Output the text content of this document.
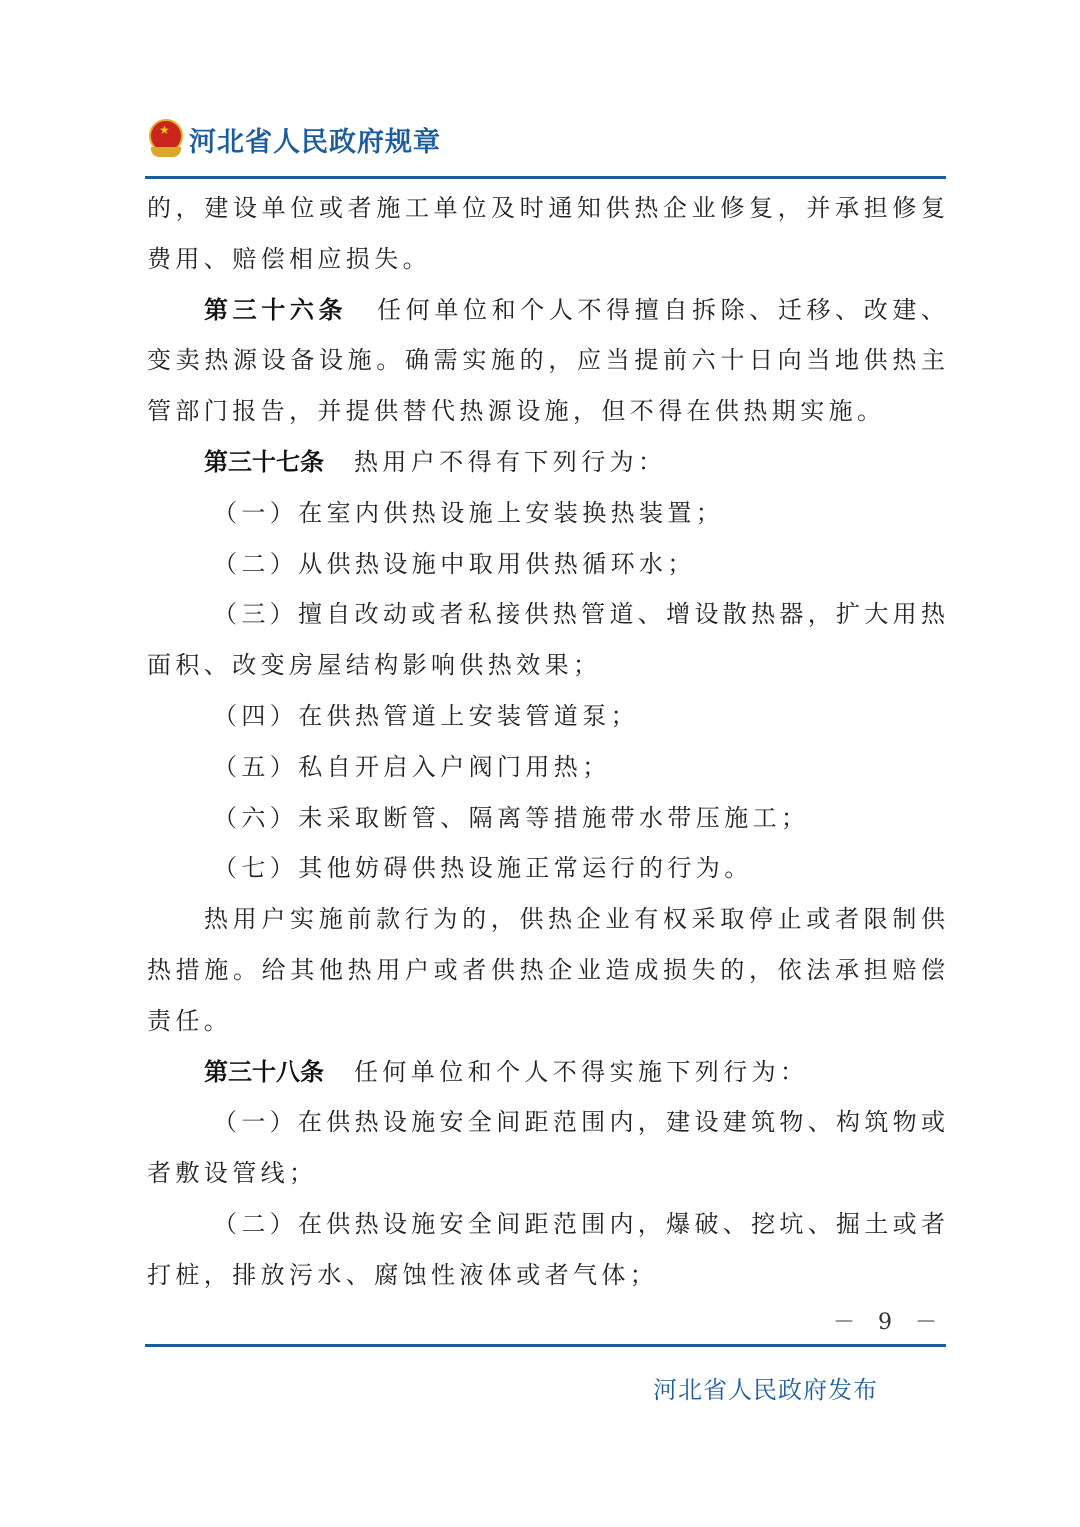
★ 河北省人民政府规章
的，建设单位或者施工单位及时通知供热企业修复，并承担修复
费用、赔偿相应损失。
第三十六条 任何单位和个人不得擅自拆除、迁移、改建、
变卖热源设备设施。确需实施的，应当提前六十日向当地供热主
管部门报告，并提供替代热源设施，但不得在供热期实施。
第三十七条 热用户不得有下列行为：
（一）在室内供热设施上安装换热装置；
（二）从供热设施中取用供热循环水；
（三）擅自改动或者私接供热管道、增设散热器，扩大用热
面积、改变房屋结构影响供热效果；
（四）在供热管道上安装管道泵；
（五）私自开启入户阀门用热；
（六）未采取断管、隔离等措施带水带压施工；
（七）其他妨碍供热设施正常运行的行为。
热用户实施前款行为的，供热企业有权采取停止或者限制供
热措施。给其他热用户或者供热企业造成损失的，依法承担赔偿
责任。
第三十八条 任何单位和个人不得实施下列行为：
（一）在供热设施安全间距范围内，建设建筑物、构筑物或
者敷设管线；
（二）在供热设施安全间距范围内，爆破、挖坑、掘土或者
打桩，排放污水、腐蚀性液体或者气体；
－ 9 －
河北省人民政府发布
